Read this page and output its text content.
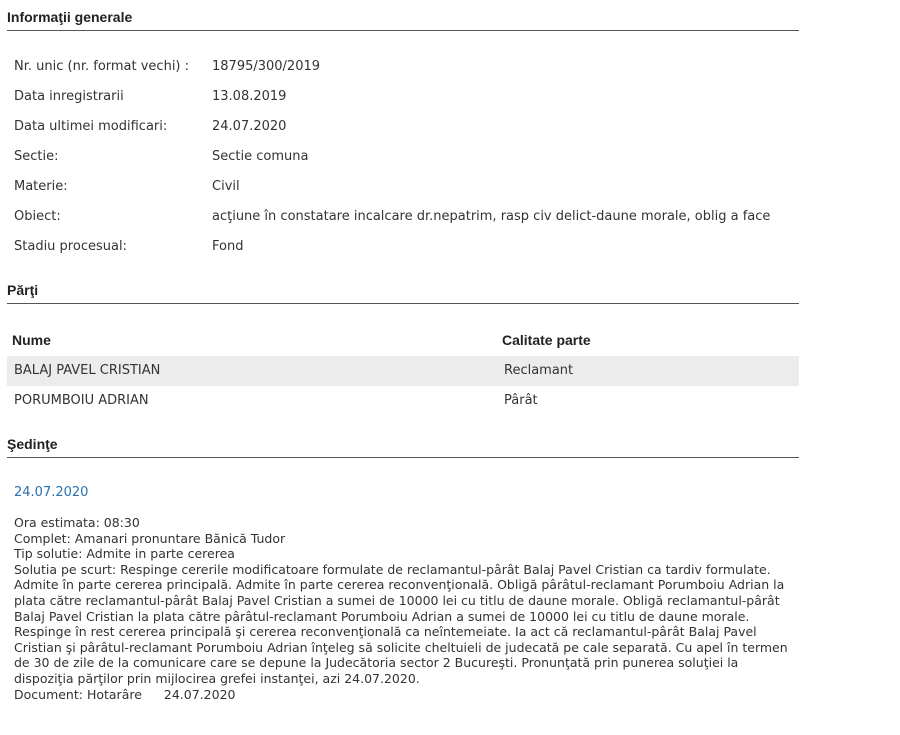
Informaţii generale
Nr. unic (nr. format vechi) : 18795/300/2019
Data inregistrarii	13.08.2019
Data ultimei modificari:	24.07.2020
Sectie:	Sectie comuna
Materie:	Civil
Obiect:	acţiune în constatare incalcare dr.nepatrim, rasp civ delict-daune morale, oblig a face
Stadiu procesual:	Fond
Părţi
Nume	Calitate parte
BALAJ PAVEL CRISTIAN	Reclamant
PORUMBOIU ADRIAN	Pârât
Şedinţe
24.07.2020
Ora estimata: 08:30
Complet: Amanari pronuntare Bănică Tudor
Tip solutie: Admite in parte cererea
Solutia pe scurt: Respinge cererile modificatoare formulate de reclamantul-pârât Balaj Pavel Cristian ca tardiv formulate. Admite în parte cererea principală. Admite în parte cererea reconvenţională. Obligă pârâtul-reclamant Porumboiu Adrian la plata către reclamantul-pârât Balaj Pavel Cristian a sumei de 10000 lei cu titlu de daune morale. Obligă reclamantul-pârât Balaj Pavel Cristian la plata către pârâtul-reclamant Porumboiu Adrian a sumei de 10000 lei cu titlu de daune morale. Respinge în rest cererea principală şi cererea reconvenţională ca neîntemeiate. Ia act că reclamantul-pârât Balaj Pavel Cristian şi pârâtul-reclamant Porumboiu Adrian înţeleg să solicite cheltuieli de judecată pe cale separată. Cu apel în termen de 30 de zile de la comunicare care se depune la Judecătoria sector 2 Bucureşti. Pronunţată prin punerea soluţiei la dispoziţia părţilor prin mijlocirea grefei instanţei, azi 24.07.2020.
Document: Hotarâre 24.07.2020
